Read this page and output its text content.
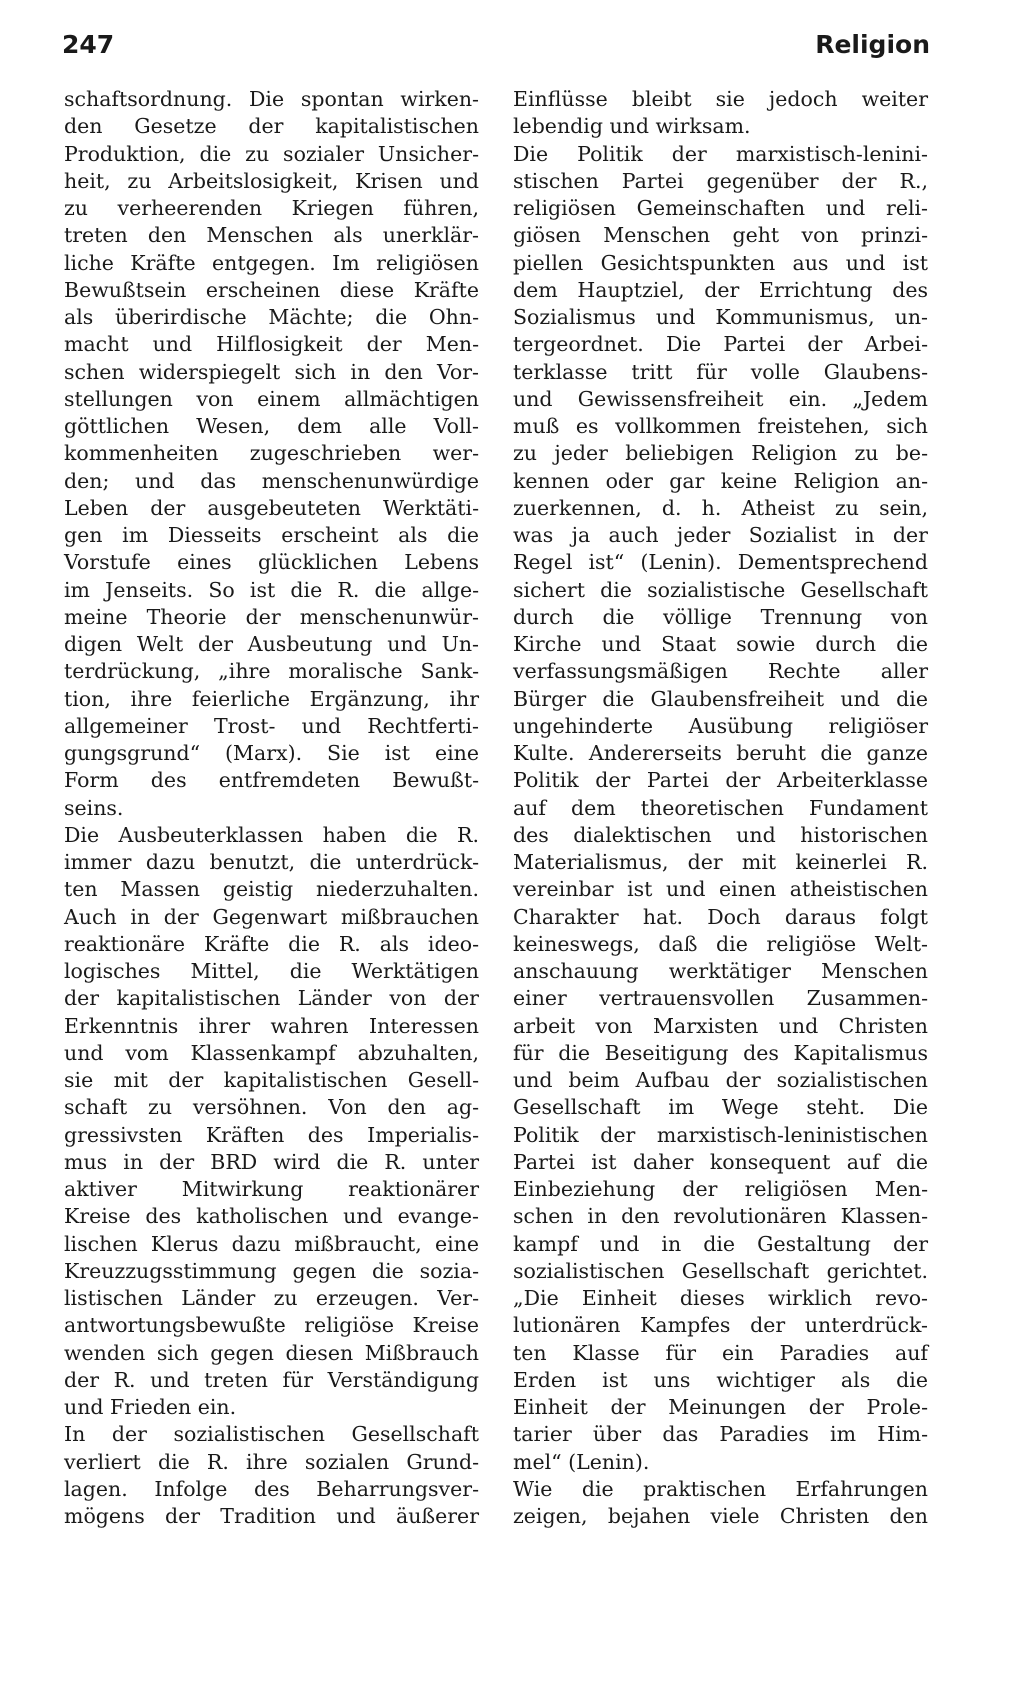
247	Religion
schaftsordnung. Die spontan wirken-
den Gesetze der kapitalistischen
Produktion, die zu sozialer Unsicher-
heit, zu Arbeitslosigkeit, Krisen und
zu verheerenden Kriegen führen,
treten den Menschen als unerklär-
liche Kräfte entgegen. Im religiösen
Bewußtsein erscheinen diese Kräfte
als überirdische Mächte; die Ohn-
macht und Hilflosigkeit der Men-
schen widerspiegelt sich in den Vor-
stellungen von einem allmächtigen
göttlichen Wesen, dem alle Voll-
kommenheiten zugeschrieben wer-
den; und das menschenunwürdige
Leben der ausgebeuteten Werktäti-
gen im Diesseits erscheint als die
Vorstufe eines glücklichen Lebens
im Jenseits. So ist die R. die allge-
meine Theorie der menschenunwür-
digen Welt der Ausbeutung und Un-
terdrückung, „ihre moralische Sank-
tion, ihre feierliche Ergänzung, ihr
allgemeiner Trost- und Rechtferti-
gungsgrund“ (Marx). Sie ist eine
Form des entfremdeten Bewußt-
seins.
Die Ausbeuterklassen haben die R.
immer dazu benutzt, die unterdrück-
ten Massen geistig niederzuhalten.
Auch in der Gegenwart mißbrauchen
reaktionäre Kräfte die R. als ideo-
logisches Mittel, die Werktätigen
der kapitalistischen Länder von der
Erkenntnis ihrer wahren Interessen
und vom Klassenkampf abzuhalten,
sie mit der kapitalistischen Gesell-
schaft zu versöhnen. Von den ag-
gressivsten Kräften des Imperialis-
mus in der BRD wird die R. unter
aktiver Mitwirkung reaktionärer
Kreise des katholischen und evange-
lischen Klerus dazu mißbraucht, eine
Kreuzzugsstimmung gegen die sozia-
listischen Länder zu erzeugen. Ver-
antwortungsbewußte religiöse Kreise
wenden sich gegen diesen Mißbrauch
der R. und treten für Verständigung
und Frieden ein.
In der sozialistischen Gesellschaft
verliert die R. ihre sozialen Grund-
lagen. Infolge des Beharrungsver-
mögens der Tradition und äußerer
Einflüsse bleibt sie jedoch weiter
lebendig und wirksam.
Die Politik der marxistisch-lenini-
stischen Partei gegenüber der R.,
religiösen Gemeinschaften und reli-
giösen Menschen geht von prinzi-
piellen Gesichtspunkten aus und ist
dem Hauptziel, der Errichtung des
Sozialismus und Kommunismus, un-
tergeordnet. Die Partei der Arbei-
terklasse tritt für volle Glaubens-
und Gewissensfreiheit ein. „Jedem
muß es vollkommen freistehen, sich
zu jeder beliebigen Religion zu be-
kennen oder gar keine Religion an-
zuerkennen, d. h. Atheist zu sein,
was ja auch jeder Sozialist in der
Regel ist“ (Lenin). Dementsprechend
sichert die sozialistische Gesellschaft
durch die völlige Trennung von
Kirche und Staat sowie durch die
verfassungsmäßigen Rechte aller
Bürger die Glaubensfreiheit und die
ungehinderte Ausübung religiöser
Kulte. Andererseits beruht die ganze
Politik der Partei der Arbeiterklasse
auf dem theoretischen Fundament
des dialektischen und historischen
Materialismus, der mit keinerlei R.
vereinbar ist und einen atheistischen
Charakter hat. Doch daraus folgt
keineswegs, daß die religiöse Welt-
anschauung werktätiger Menschen
einer vertrauensvollen Zusammen-
arbeit von Marxisten und Christen
für die Beseitigung des Kapitalismus
und beim Aufbau der sozialistischen
Gesellschaft im Wege steht. Die
Politik der marxistisch-leninistischen
Partei ist daher konsequent auf die
Einbeziehung der religiösen Men-
schen in den revolutionären Klassen-
kampf und in die Gestaltung der
sozialistischen Gesellschaft gerichtet.
„Die Einheit dieses wirklich revo-
lutionären Kampfes der unterdrück-
ten Klasse für ein Paradies auf
Erden ist uns wichtiger als die
Einheit der Meinungen der Prole-
tarier über das Paradies im Him-
mel“ (Lenin).
Wie die praktischen Erfahrungen
zeigen, bejahen viele Christen den
